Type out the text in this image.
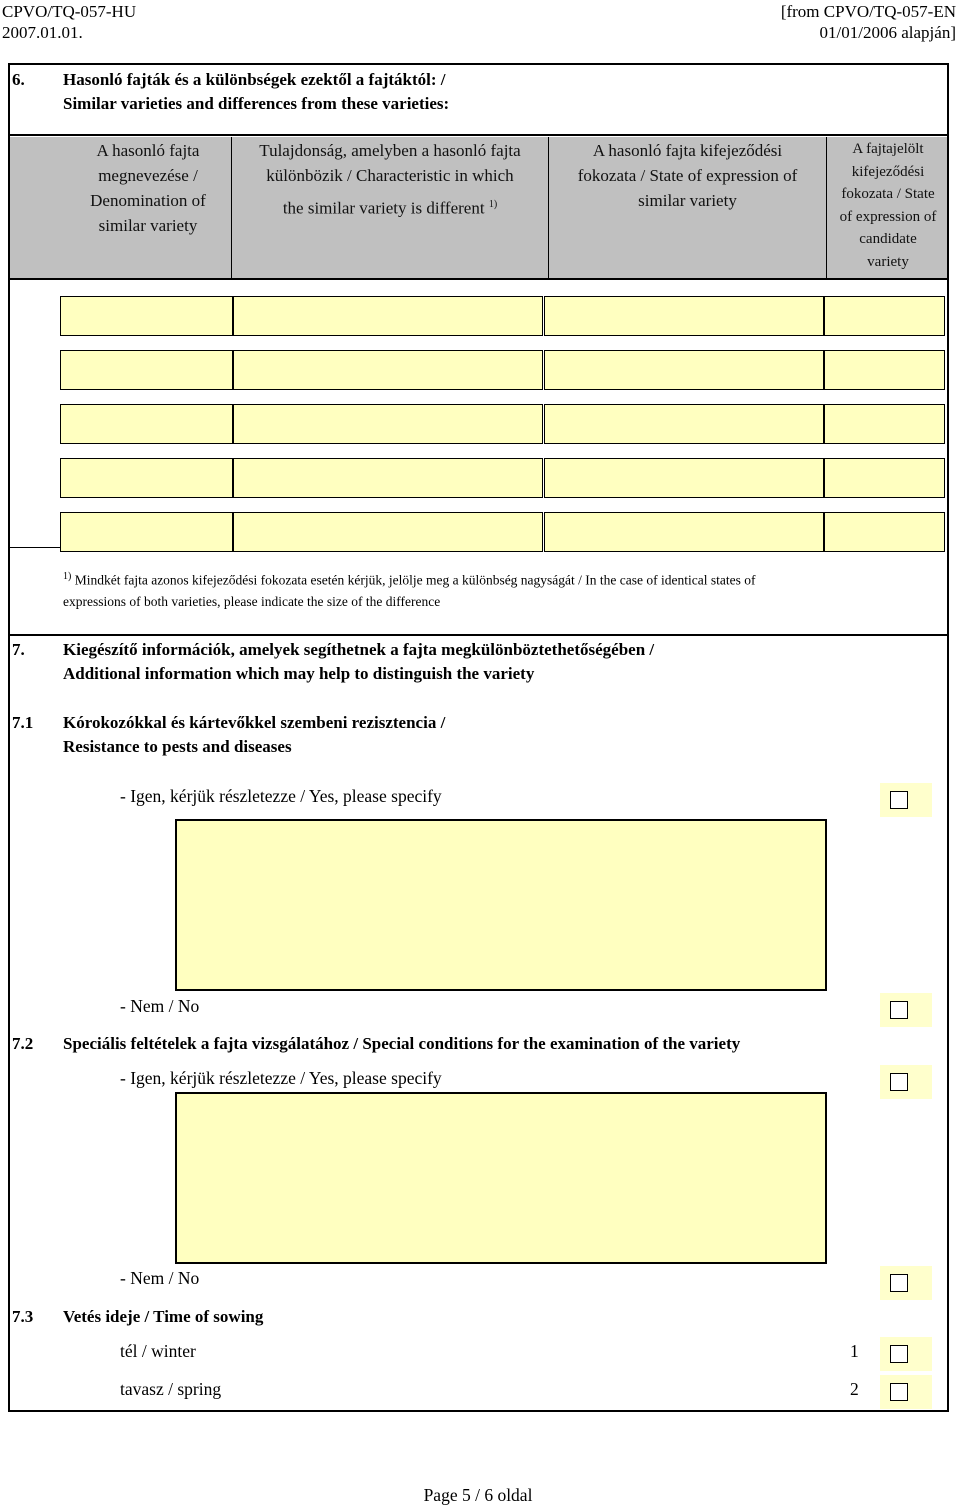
CPVO/TQ-057-HU
2007.01.01.
[from CPVO/TQ-057-EN
01/01/2006 alapján]
6. Hasonló fajták és a különbségek ezektől a fajtáktól: /
Similar varieties and differences from these varieties:
A hasonló fajta
megnevezése /
Denomination of
similar variety
Tulajdonság, amelyben a hasonló fajta
különbözik / Characteristic in which
the similar variety is different $^{1)}$
A hasonló fajta kifejeződési
fokozata / State of expression of
similar variety
A fajtajelölt
kifejeződési
fokozata / State
of expression of
candidate
variety
$^{1)}$ Mindkét fajta azonos kifejeződési fokozata esetén kérjük, jelölje meg a különbség nagyságát / In the case of identical states of
expressions of both varieties, please indicate the size of the difference
7. Kiegészítő információk, amelyek segíthetnek a fajta megkülönböztethetőségében /
Additional information which may help to distinguish the variety
7.1 Kórokozókkal és kártevőkkel szembeni rezisztencia /
Resistance to pests and diseases
- Igen, kérjük részletezze / Yes, please specify
- Nem / No
7.2 Speciális feltételek a fajta vizsgálatához / Special conditions for the examination of the variety
- Igen, kérjük részletezze / Yes, please specify
- Nem / No
7.3 Vetés ideje / Time of sowing
tél / winter	1
tavasz / spring	2
Page 5 / 6 oldal
